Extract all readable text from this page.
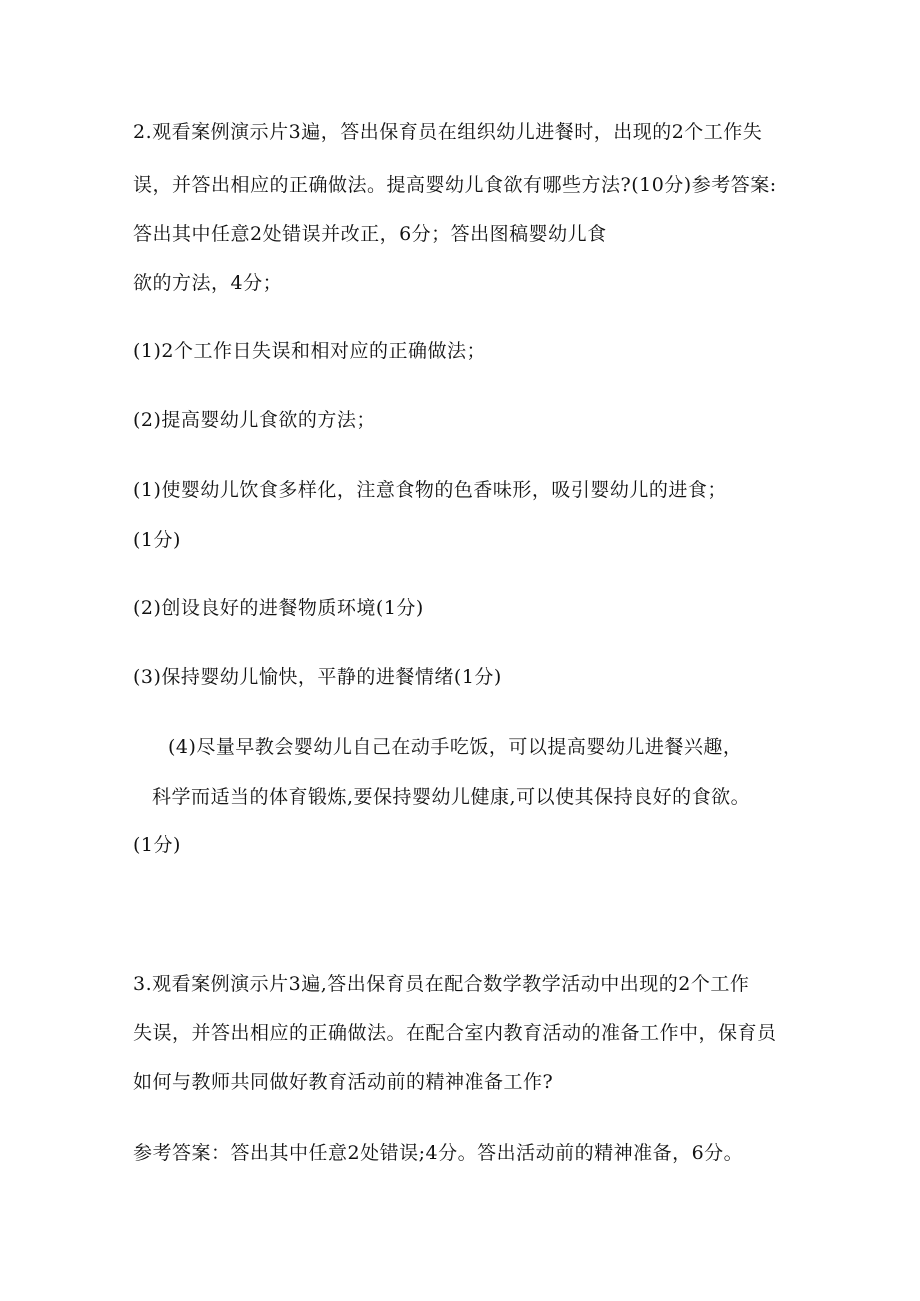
2.观看案例演示片3遍，答出保育员在组织幼儿进餐时，出现的2个工作失
误，并答出相应的正确做法。提高婴幼儿食欲有哪些方法?(10分)参考答案:
答出其中任意2处错误并改正，6分；答出图稿婴幼儿食
欲的方法，4分；
(1)2个工作日失误和相对应的正确做法；
(2)提高婴幼儿食欲的方法；
(1)使婴幼儿饮食多样化，注意食物的色香味形，吸引婴幼儿的进食；
(1分)
(2)创设良好的进餐物质环境(1分)
(3)保持婴幼儿愉快，平静的进餐情绪(1分)
(4)尽量早教会婴幼儿自己在动手吃饭，可以提高婴幼儿进餐兴趣，
科学而适当的体育锻炼,要保持婴幼儿健康,可以使其保持良好的食欲。
(1分)
3.观看案例演示片3遍,答出保育员在配合数学教学活动中出现的2个工作
失误，并答出相应的正确做法。在配合室内教育活动的准备工作中，保育员
如何与教师共同做好教育活动前的精神准备工作?
参考答案：答出其中任意2处错误;4分。答出活动前的精神准备，6分。
